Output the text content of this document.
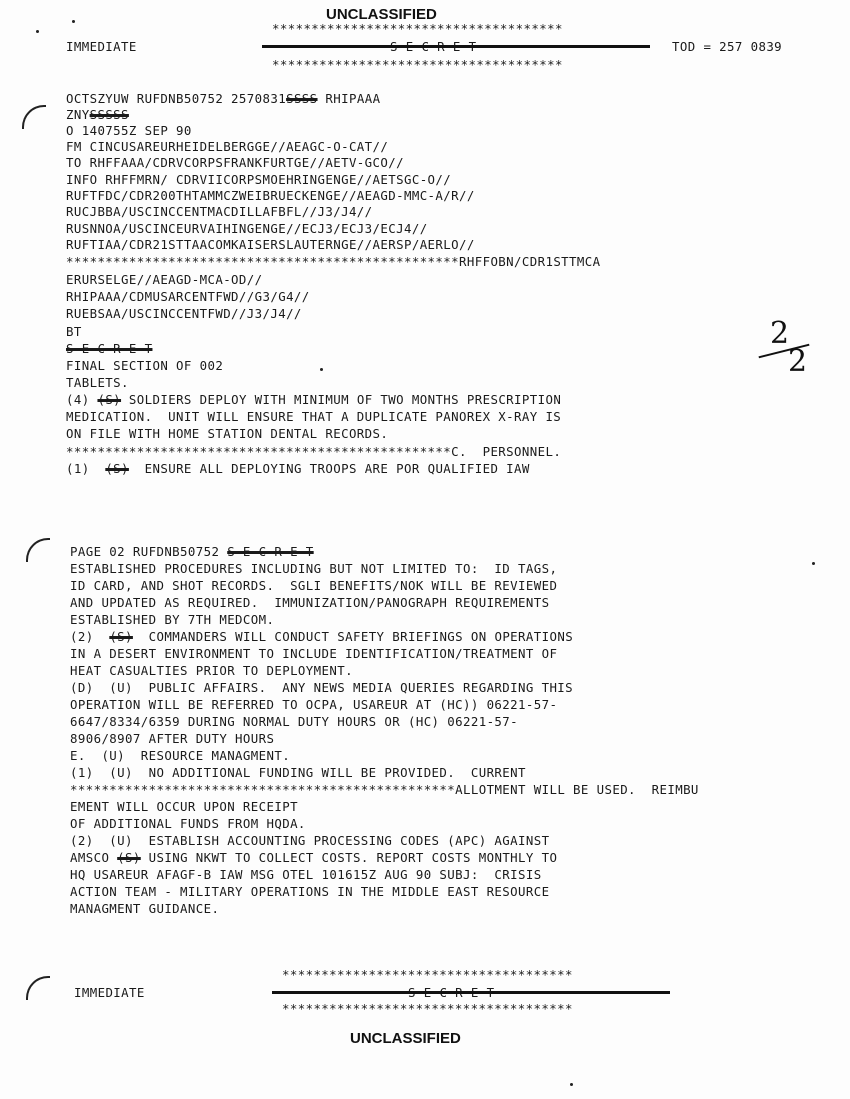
UNCLASSIFIED
*************************************
IMMEDIATE	TOD = 257 0839
*************************************
OCTSZYUW RUFDNB50752 2570831SSSS RHIPAAA
ZNYSSSSS
O 140755Z SEP 90
FM CINCUSAREURHEIDELBERGGE//AEAGC-O-CAT//
TO RHFFAAA/CDRVCORPSFRANKFURTGE//AETV-GCO//
INFO RHFFMRN/ CDRVIICORPSMOEHRINGENGE//AETSGC-O//
RUFTFDC/CDR200THTAMMCZWEIBRUECKENGE//AEAGD-MMC-A/R//
RUCJBBA/USCINCCENTMACDILLAFBFL//J3/J4//
RUSNNOA/USCINCEURVAIHINGENGE//ECJ3/ECJ3/ECJ4//
RUFTIAA/CDR21STTAACOMKAISERSLAUTERNGE//AERSP/AERLO//
**************************************************RHFFOBN/CDR1STTMCA
ERURSELGE//AEAGD-MCA-OD//
RHIPAAA/CDMUSARCENTFWD//G3/G4//
RUEBSAA/USCINCCENTFWD//J3/J4//
BT
S E C R E T
FINAL SECTION OF 002
TABLETS.
(4) (S) SOLDIERS DEPLOY WITH MINIMUM OF TWO MONTHS PRESCRIPTION
MEDICATION.  UNIT WILL ENSURE THAT A DUPLICATE PANOREX X-RAY IS
ON FILE WITH HOME STATION DENTAL RECORDS.
*************************************************C.  PERSONNEL.
(1)  (S)  ENSURE ALL DEPLOYING TROOPS ARE POR QUALIFIED IAW
PAGE 02 RUFDNB50752 S E C R E T
ESTABLISHED PROCEDURES INCLUDING BUT NOT LIMITED TO:  ID TAGS,
ID CARD, AND SHOT RECORDS.  SGLI BENEFITS/NOK WILL BE REVIEWED
AND UPDATED AS REQUIRED.  IMMUNIZATION/PANOGRAPH REQUIREMENTS
ESTABLISHED BY 7TH MEDCOM.
(2)  (S)  COMMANDERS WILL CONDUCT SAFETY BRIEFINGS ON OPERATIONS
IN A DESERT ENVIRONMENT TO INCLUDE IDENTIFICATION/TREATMENT OF
HEAT CASUALTIES PRIOR TO DEPLOYMENT.
(D)  (U)  PUBLIC AFFAIRS.  ANY NEWS MEDIA QUERIES REGARDING THIS
OPERATION WILL BE REFERRED TO OCPA, USAREUR AT (HC)) 06221-57-
6647/8334/6359 DURING NORMAL DUTY HOURS OR (HC) 06221-57-
8906/8907 AFTER DUTY HOURS
E.  (U)  RESOURCE MANAGMENT.
(1)  (U)  NO ADDITIONAL FUNDING WILL BE PROVIDED.  CURRENT
*************************************************ALLOTMENT WILL BE USED.  REIMBU
EMENT WILL OCCUR UPON RECEIPT
OF ADDITIONAL FUNDS FROM HQDA.
(2)  (U)  ESTABLISH ACCOUNTING PROCESSING CODES (APC) AGAINST
AMSCO (S) USING NKWT TO COLLECT COSTS. REPORT COSTS MONTHLY TO
HQ USAREUR AFAGF-B IAW MSG OTEL 101615Z AUG 90 SUBJ:  CRISIS
ACTION TEAM - MILITARY OPERATIONS IN THE MIDDLE EAST RESOURCE
MANAGMENT GUIDANCE.
*************************************
IMMEDIATE
*************************************
UNCLASSIFIED
2
2
